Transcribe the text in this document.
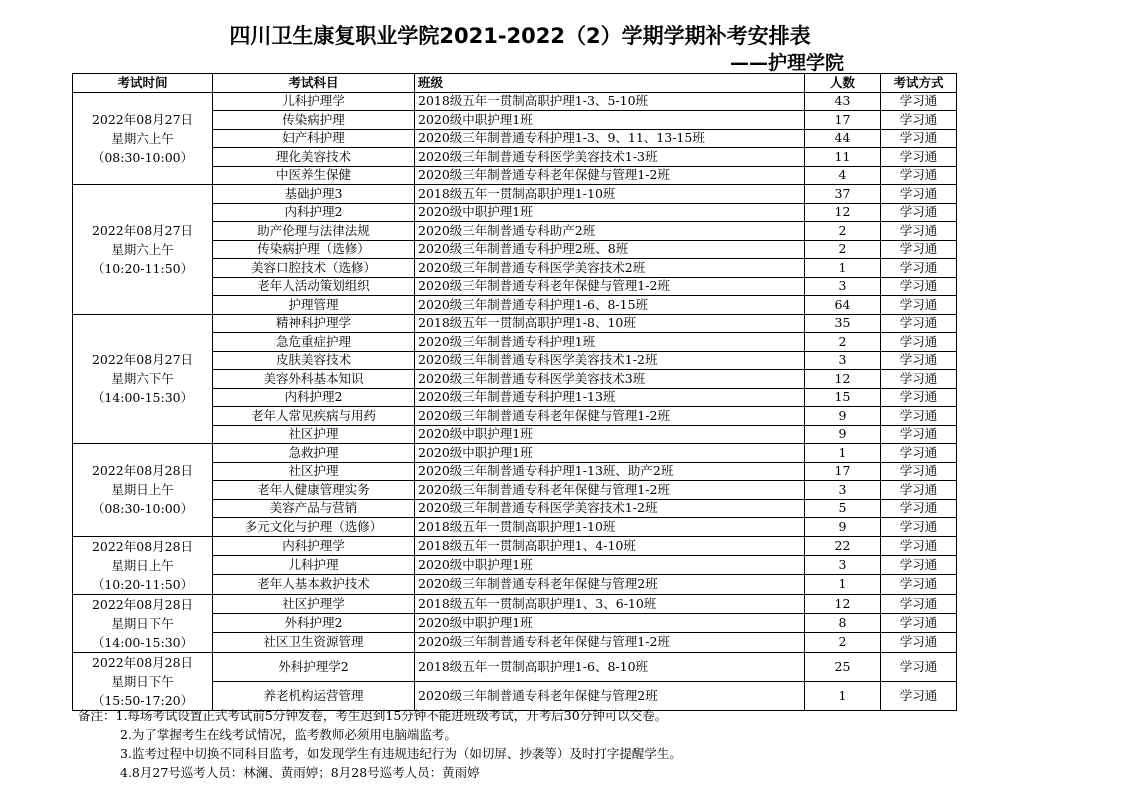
四川卫生康复职业学院2021-2022（2）学期学期补考安排表
——护理学院
考试时间	考试科目	班级	人数	考试方式

2022年08月27日
星期六上午
（08:30-10:00）	儿科护理学	2018级五年一贯制高职护理1-3、5-10班	43	学习通
	传染病护理	2020级中职护理1班	17	学习通
	妇产科护理	2020级三年制普通专科护理1-3、9、11、13-15班	44	学习通
	理化美容技术	2020级三年制普通专科医学美容技术1-3班	11	学习通
	中医养生保健	2020级三年制普通专科老年保健与管理1-2班	4	学习通

2022年08月27日
星期六上午
（10:20-11:50）	基础护理3	2018级五年一贯制高职护理1-10班	37	学习通
	内科护理2	2020级中职护理1班	12	学习通
	助产伦理与法律法规	2020级三年制普通专科助产2班	2	学习通
	传染病护理（选修）	2020级三年制普通专科护理2班、8班	2	学习通
	美容口腔技术（选修）	2020级三年制普通专科医学美容技术2班	1	学习通
	老年人活动策划组织	2020级三年制普通专科老年保健与管理1-2班	3	学习通
	护理管理	2020级三年制普通专科护理1-6、8-15班	64	学习通

2022年08月27日
星期六下午
（14:00-15:30）	精神科护理学	2018级五年一贯制高职护理1-8、10班	35	学习通
	急危重症护理	2020级三年制普通专科护理1班	2	学习通
	皮肤美容技术	2020级三年制普通专科医学美容技术1-2班	3	学习通
	美容外科基本知识	2020级三年制普通专科医学美容技术3班	12	学习通
	内科护理2	2020级三年制普通专科护理1-13班	15	学习通
	老年人常见疾病与用药	2020级三年制普通专科老年保健与管理1-2班	9	学习通
	社区护理	2020级中职护理1班	9	学习通

2022年08月28日
星期日上午
（08:30-10:00）	急救护理	2020级中职护理1班	1	学习通
	社区护理	2020级三年制普通专科护理1-13班、助产2班	17	学习通
	老年人健康管理实务	2020级三年制普通专科老年保健与管理1-2班	3	学习通
	美容产品与营销	2020级三年制普通专科医学美容技术1-2班	5	学习通
	多元文化与护理（选修）	2018级五年一贯制高职护理1-10班	9	学习通

2022年08月28日
星期日上午
（10:20-11:50）	内科护理学	2018级五年一贯制高职护理1、4-10班	22	学习通
	儿科护理	2020级中职护理1班	3	学习通
	老年人基本救护技术	2020级三年制普通专科老年保健与管理2班	1	学习通

2022年08月28日
星期日下午
（14:00-15:30）	社区护理学	2018级五年一贯制高职护理1、3、6-10班	12	学习通
	外科护理2	2020级中职护理1班	8	学习通
	社区卫生资源管理	2020级三年制普通专科老年保健与管理1-2班	2	学习通

2022年08月28日
星期日下午
（15:50-17:20）	外科护理学2	2018级五年一贯制高职护理1-6、8-10班	25	学习通
	养老机构运营管理	2020级三年制普通专科老年保健与管理2班	1	学习通
备注：1.每场考试设置正式考试前5分钟发卷，考生迟到15分钟不能进班级考试，开考后30分钟可以交卷。
2.为了掌握考生在线考试情况，监考教师必须用电脑端监考。
3.监考过程中切换不同科目监考，如发现学生有违规违纪行为（如切屏、抄袭等）及时打字提醒学生。
4.8月27号巡考人员：林澜、黄雨婷；8月28号巡考人员：黄雨婷
